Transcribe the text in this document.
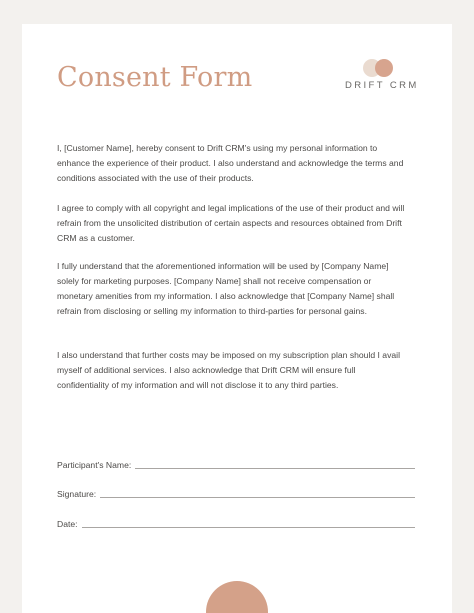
Consent Form	DRIFT CRM
I, [Customer Name], hereby consent to Drift CRM's using my personal information to enhance the experience of their product. I also understand and acknowledge the terms and conditions associated with the use of their products.
I agree to comply with all copyright and legal implications of the use of their product and will refrain from the unsolicited distribution of certain aspects and resources obtained from Drift CRM as a customer.
I fully understand that the aforementioned information will be used by [Company Name] solely for marketing purposes. [Company Name] shall not receive compensation or monetary amenities from my information. I also acknowledge that [Company Name] shall refrain from disclosing or selling my information to third-parties for personal gains.
I also understand that further costs may be imposed on my subscription plan should I avail myself of additional services. I also acknowledge that Drift CRM will ensure full confidentiality of my information and will not disclose it to any third parties.
Participant's Name:
Signature:
Date:
